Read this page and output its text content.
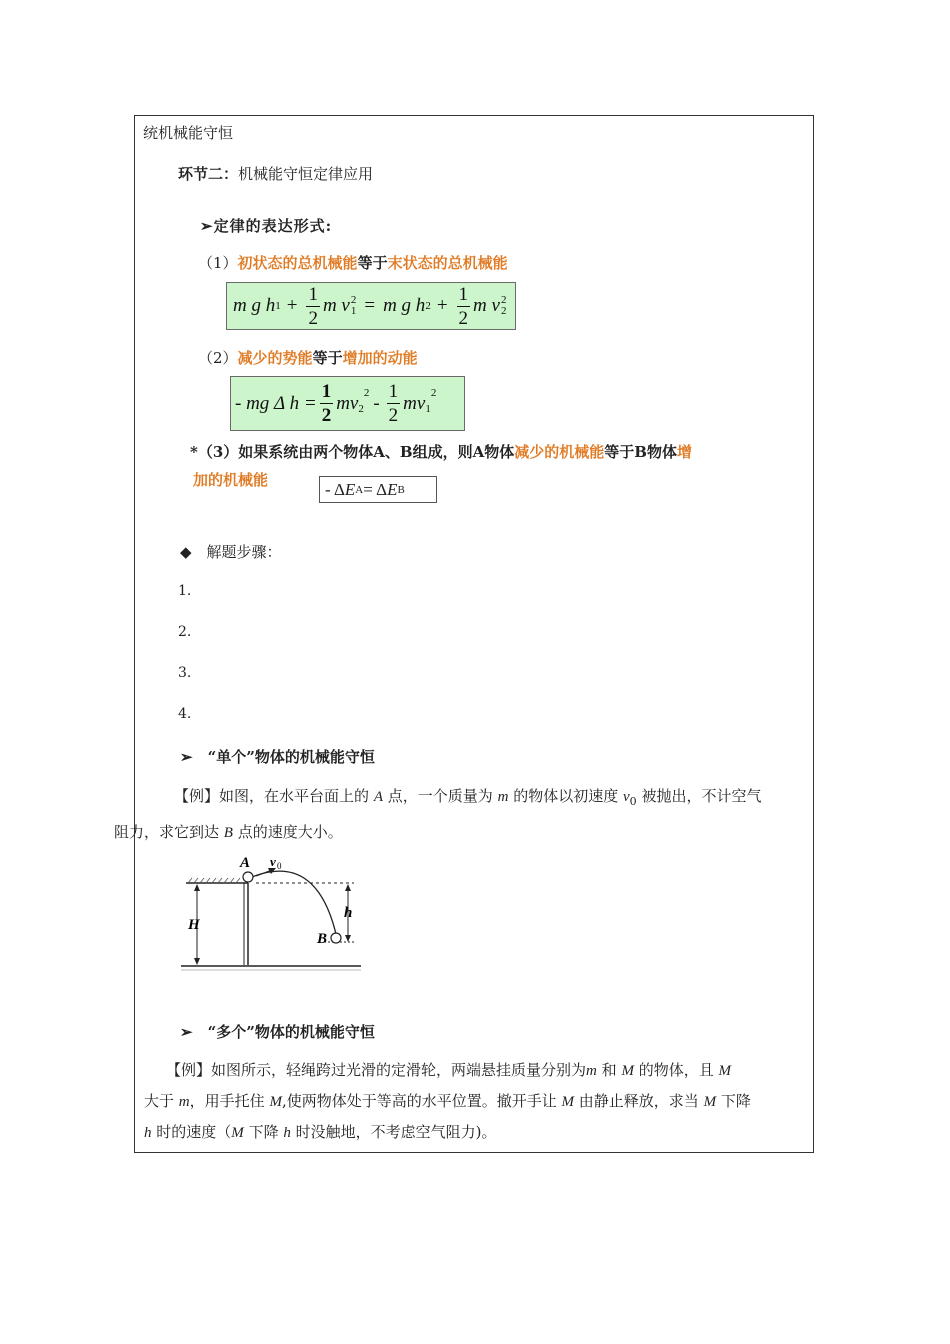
统机械能守恒
环节二：机械能守恒定律应用
➢定律的表达形式:
（1）初状态的总机械能等于末状态的总机械能
m g h $1 + \frac{1}{2}$ m v 2
1 = m g h $2 + \frac{1}{2}$ m v 2
2
（2）减少的势能等于增加的动能
- mg Δ $h = \frac{1}{2} mv_2$
$2 - \frac{1}{2} mv_1$
2
*（3）如果系统由两个物体A、B组成，则A物体减少的机械能等于B物体增
加的机械能	- Δ E A = Δ E B
◆　解题步骤：
1.
2.
3.
4.
➢　“单个”物体的机械能守恒
【例】如图，在水平台面上的 A 点，一个质量为 m 的物体以初速度 $v_0$ 被抛出，不计空气
阻力，求它到达 B 点的速度大小。
A v 0
H
h
B
➢　“多个”物体的机械能守恒
【例】如图所示，轻绳跨过光滑的定滑轮，两端悬挂质量分别为m 和 M 的物体，且 M
大于 m，用手托住 M,使两物体处于等高的水平位置。撤开手让 M 由静止释放，求当 M 下降
h 时的速度（M 下降 h 时没触地，不考虑空气阻力)。
